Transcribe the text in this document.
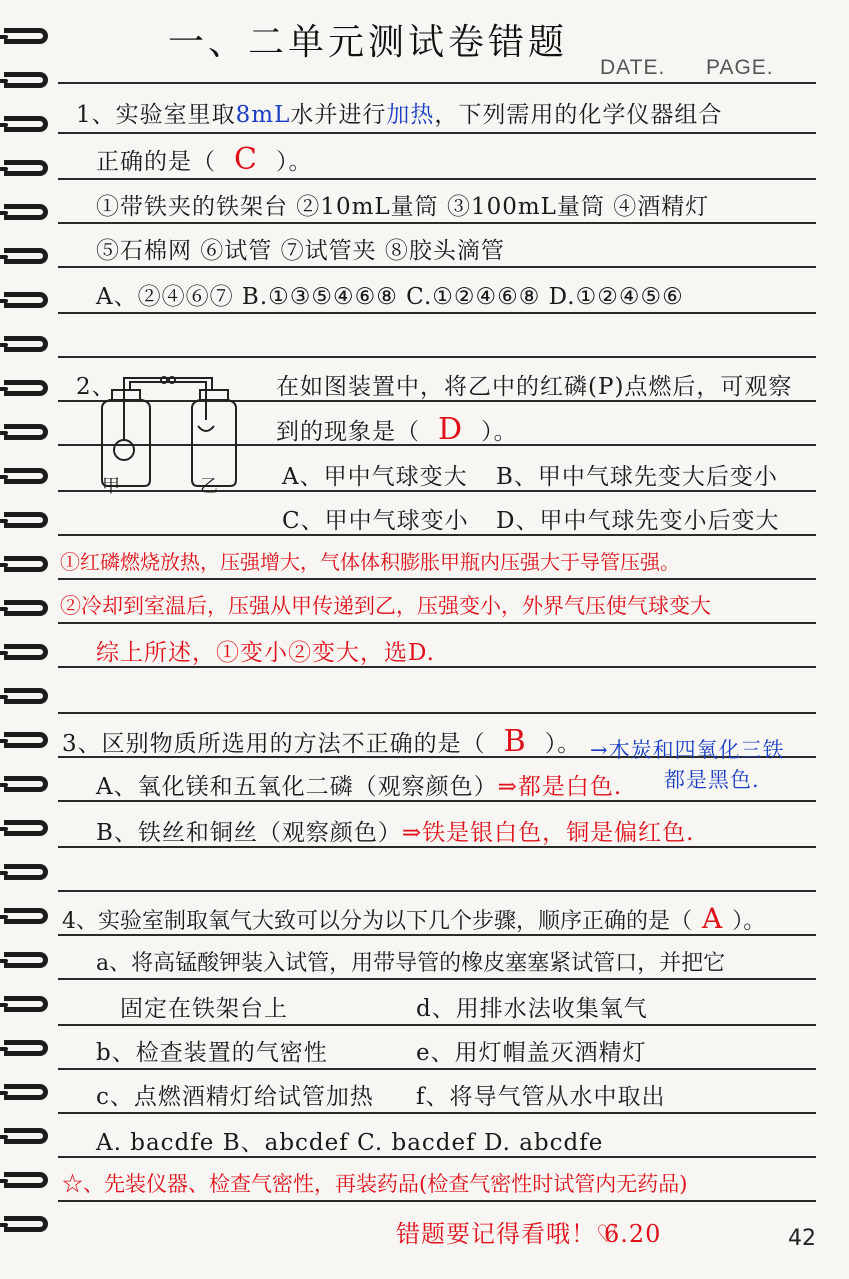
一、二单元测试卷错题
DATE. PAGE.
1、实验室里取8mL水并进行加热，下列需用的化学仪器组合
正确的是（ C ）。
①带铁夹的铁架台 ②10mL量筒 ③100mL量筒 ④酒精灯
⑤石棉网 ⑥试管 ⑦试管夹 ⑧胶头滴管
A、②④⑥⑦ B.①③⑤④⑥⑧ C.①②④⑥⑧ D.①②④⑤⑥
2、
甲	乙
在如图装置中，将乙中的红磷(P)点燃后，可观察
到的现象是（ D ）。
A、甲中气球变大 B、甲中气球先变大后变小
C、甲中气球变小 D、甲中气球先变小后变大
①红磷燃烧放热，压强增大，气体体积膨胀甲瓶内压强大于导管压强。
②冷却到室温后，压强从甲传递到乙，压强变小，外界气压使气球变大
综上所述，①变小②变大，选D.
3、区别物质所选用的方法不正确的是（ B ）。 →木炭和四氧化三铁
都是黑色.
A、氧化镁和五氧化二磷（观察颜色）⇒都是白色.
B、铁丝和铜丝（观察颜色）⇒铁是银白色，铜是偏红色.
4、实验室制取氧气大致可以分为以下几个步骤，顺序正确的是（ A ）。
a、将高锰酸钾装入试管，用带导管的橡皮塞塞紧试管口，并把它
固定在铁架台上	d、用排水法收集氧气
b、检查装置的气密性	e、用灯帽盖灭酒精灯
c、点燃酒精灯给试管加热 f、将导气管从水中取出
A. bacdfe B、abcdef C. bacdef D. abcdfe
☆、先装仪器、检查气密性，再装药品(检查气密性时试管内无药品)
错题要记得看哦！♡
6.20	42
